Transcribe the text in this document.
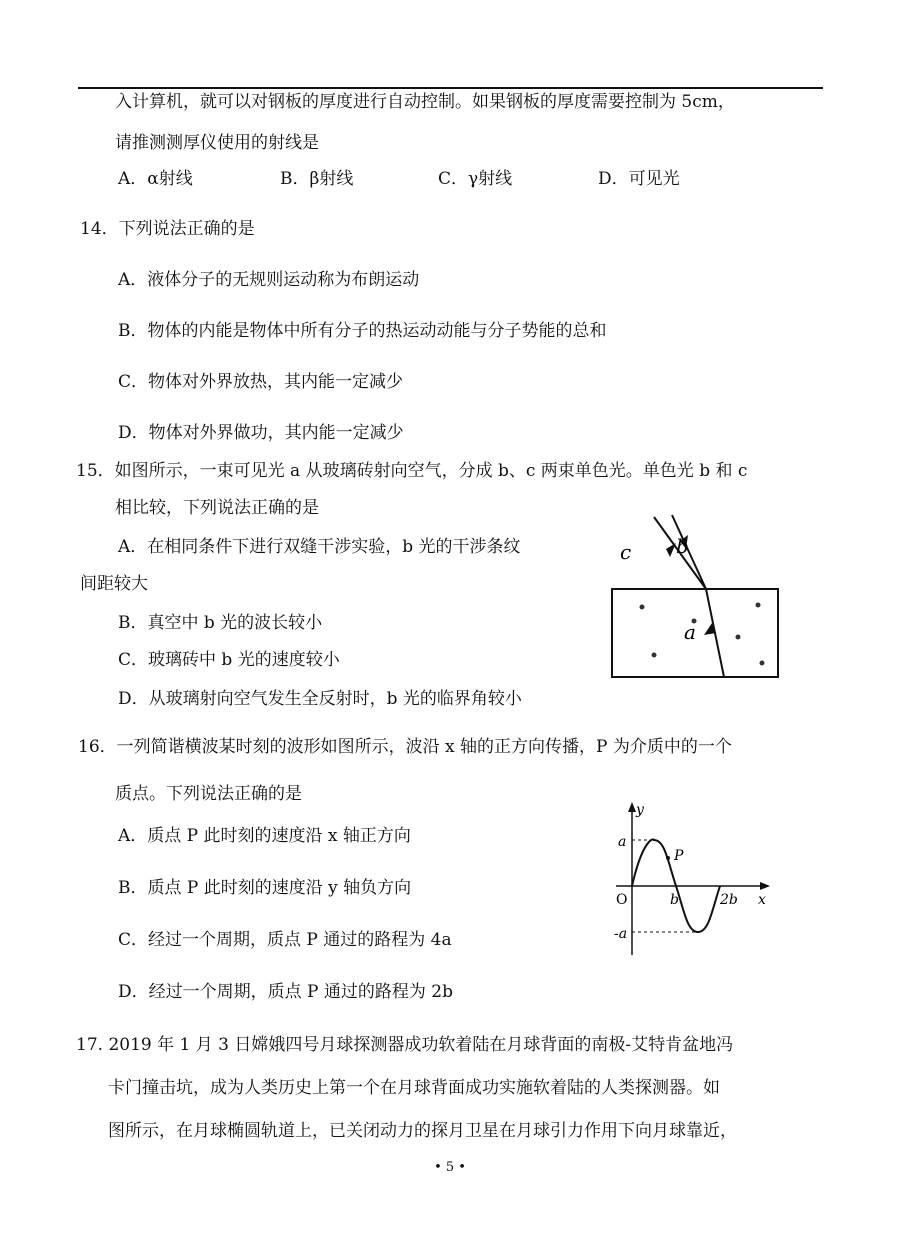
入计算机，就可以对钢板的厚度进行自动控制。如果钢板的厚度需要控制为 5cm，
请推测测厚仪使用的射线是
A．α射线	B．β射线	C．γ射线	D．可见光
14．下列说法正确的是
A．液体分子的无规则运动称为布朗运动
B．物体的内能是物体中所有分子的热运动动能与分子势能的总和
C．物体对外界放热，其内能一定减少
D．物体对外界做功，其内能一定减少
15．如图所示，一束可见光 a 从玻璃砖射向空气，分成 b、c 两束单色光。单色光 b 和 c
相比较，下列说法正确的是
A．在相同条件下进行双缝干涉实验，b 光的干涉条纹
间距较大
B．真空中 b 光的波长较小
C．玻璃砖中 b 光的速度较小
D．从玻璃射向空气发生全反射时，b 光的临界角较小
c b
a
16．一列简谐横波某时刻的波形如图所示，波沿 x 轴的正方向传播，P 为介质中的一个
质点。下列说法正确的是
A．质点 P 此时刻的速度沿 x 轴正方向
B．质点 P 此时刻的速度沿 y 轴负方向
C．经过一个周期，质点 P 通过的路程为 4a
D．经过一个周期，质点 P 通过的路程为 2b
y
x
O
a
-a
b	2b
P
17. 2019 年 1 月 3 日嫦娥四号月球探测器成功软着陆在月球背面的南极-艾特肯盆地冯
卡门撞击坑，成为人类历史上第一个在月球背面成功实施软着陆的人类探测器。如
图所示，在月球椭圆轨道上，已关闭动力的探月卫星在月球引力作用下向月球靠近，
• 5 •
